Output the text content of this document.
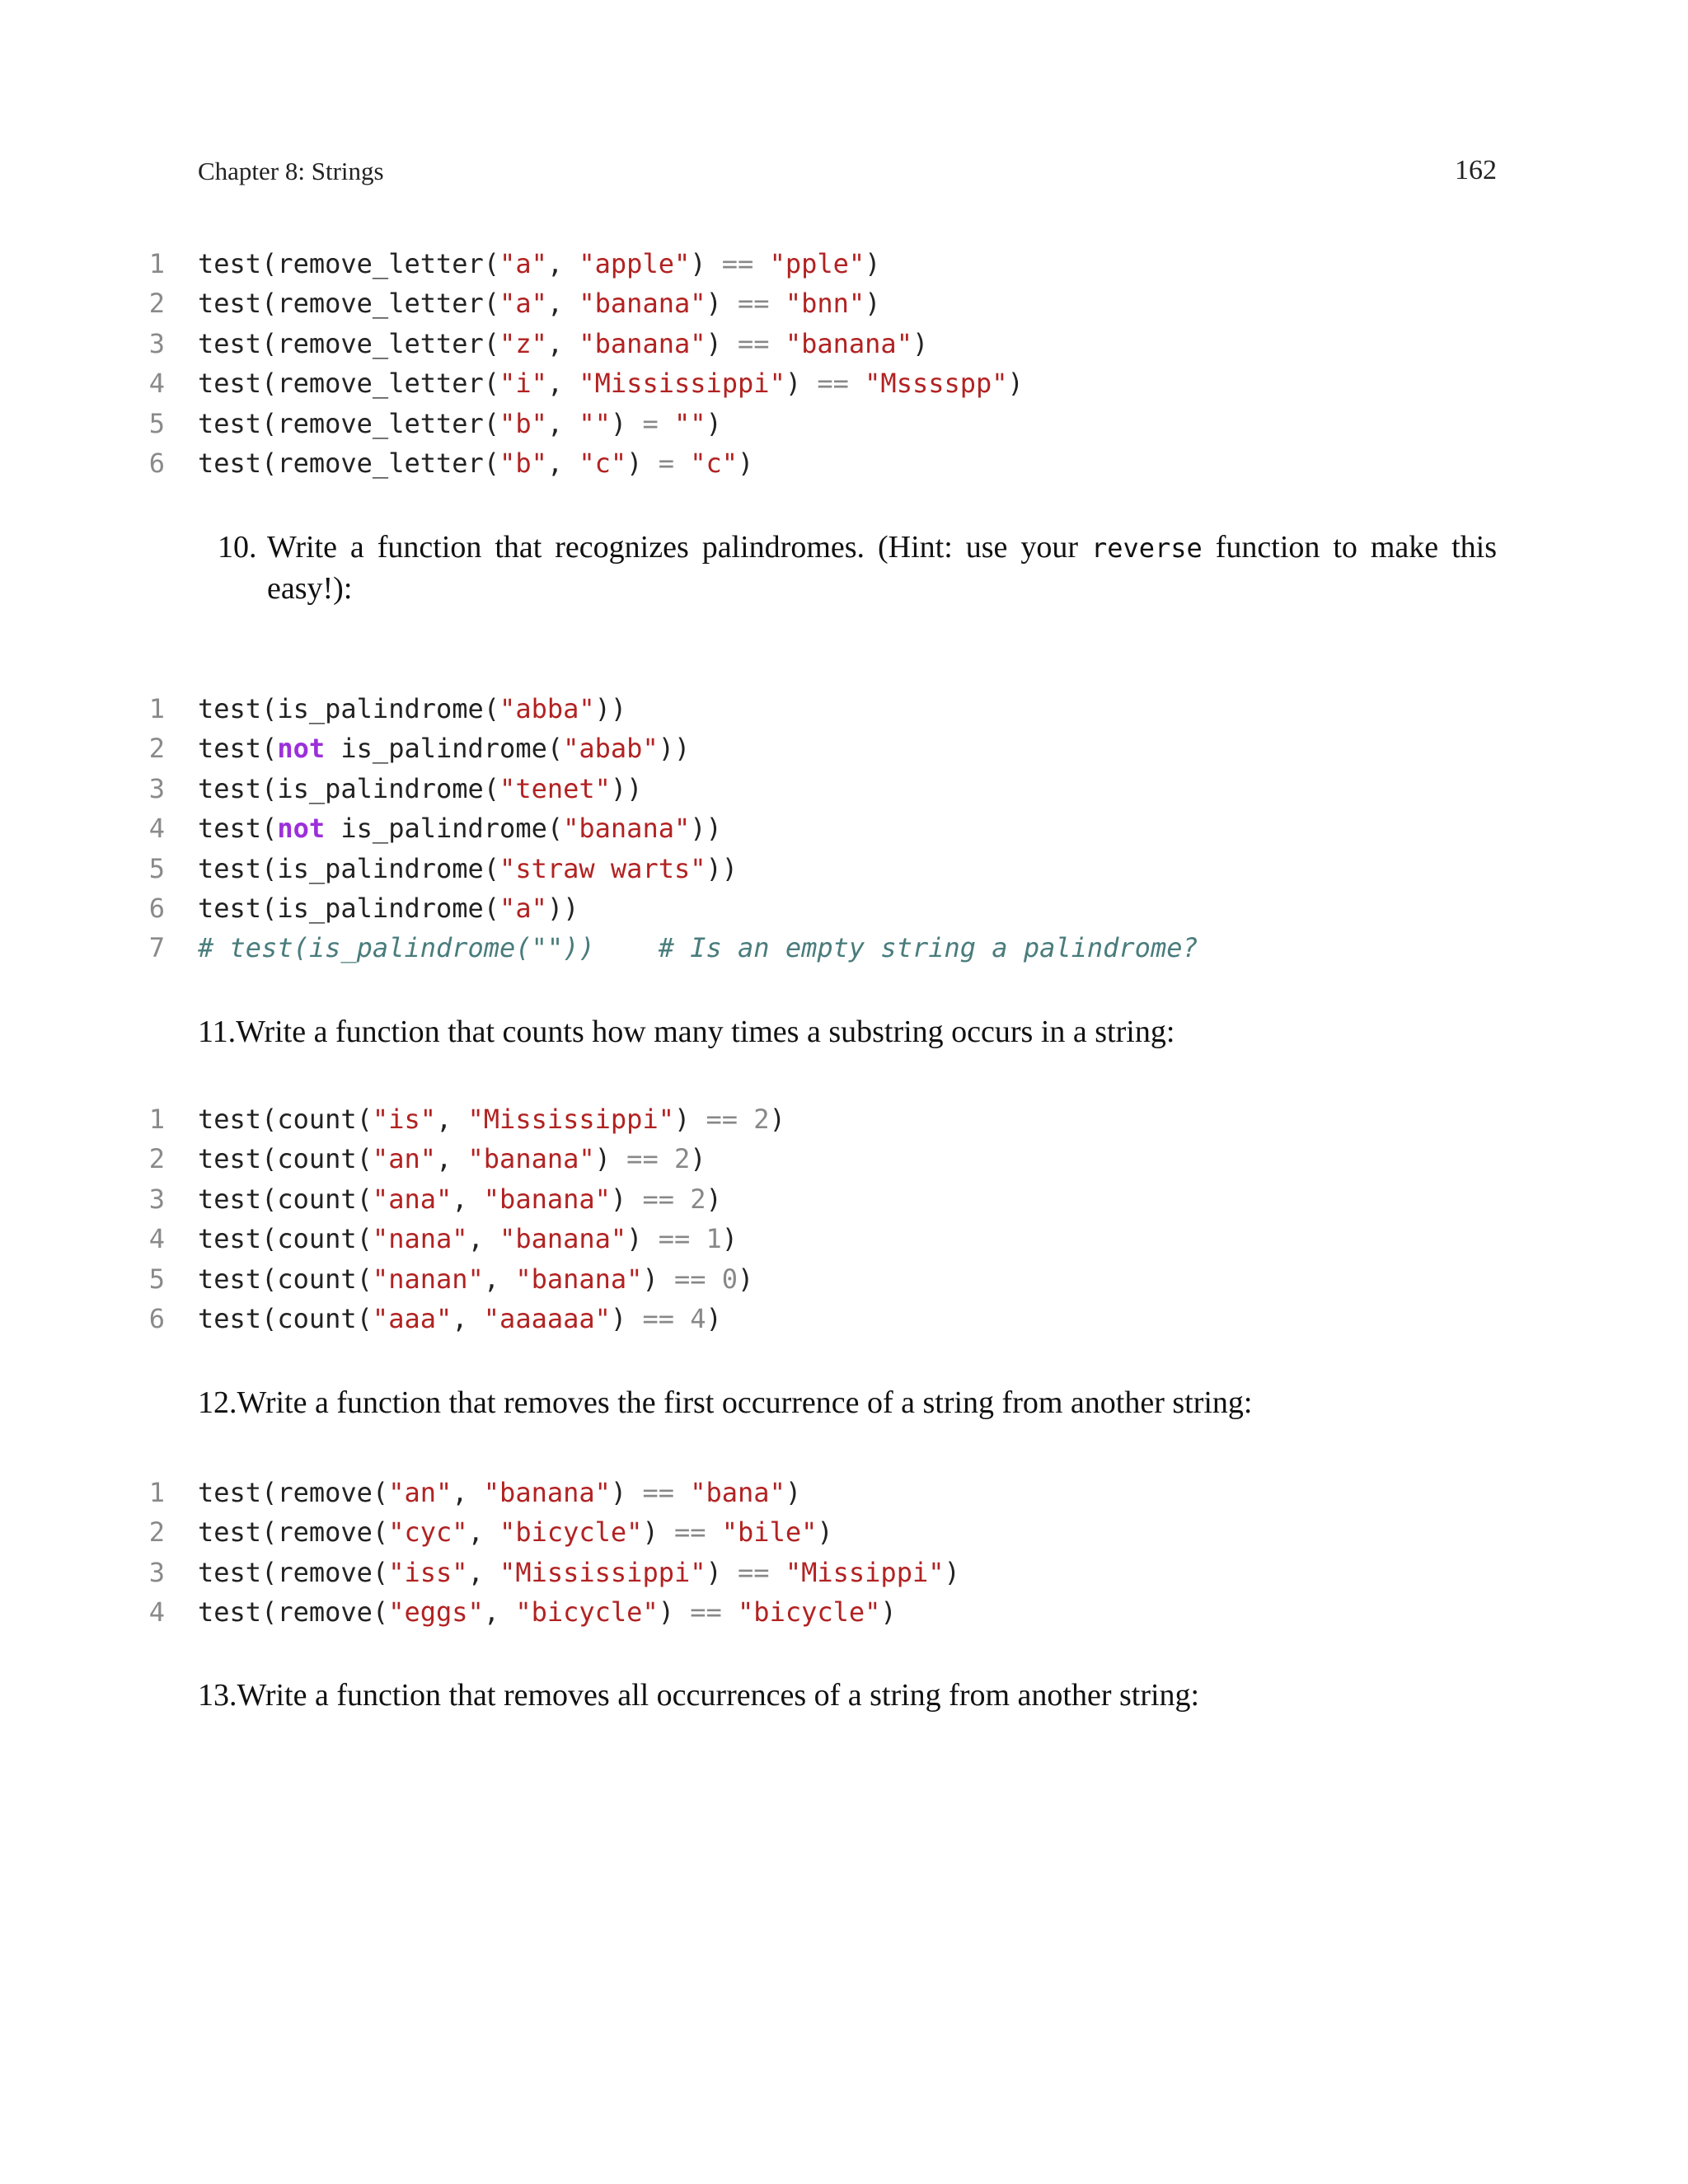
Chapter 8: Strings	162
1 test(remove_letter("a", "apple") == "pple")
2 test(remove_letter("a", "banana") == "bnn")
3 test(remove_letter("z", "banana") == "banana")
4 test(remove_letter("i", "Mississippi") == "Msssspp")
5 test(remove_letter("b", "") = "")
6 test(remove_letter("b", "c") = "c")
10. Write a function that recognizes palindromes. (Hint: use your reverse function to make this easy!):
1 test(is_palindrome("abba"))
2 test(not is_palindrome("abab"))
3 test(is_palindrome("tenet"))
4 test(not is_palindrome("banana"))
5 test(is_palindrome("straw warts"))
6 test(is_palindrome("a"))
7 # test(is_palindrome(""))    # Is an empty string a palindrome?
11. Write a function that counts how many times a substring occurs in a string:
1 test(count("is", "Mississippi") == 2)
2 test(count("an", "banana") == 2)
3 test(count("ana", "banana") == 2)
4 test(count("nana", "banana") == 1)
5 test(count("nanan", "banana") == 0)
6 test(count("aaa", "aaaaaa") == 4)
12. Write a function that removes the first occurrence of a string from another string:
1 test(remove("an", "banana") == "bana")
2 test(remove("cyc", "bicycle") == "bile")
3 test(remove("iss", "Mississippi") == "Missippi")
4 test(remove("eggs", "bicycle") == "bicycle")
13. Write a function that removes all occurrences of a string from another string:
